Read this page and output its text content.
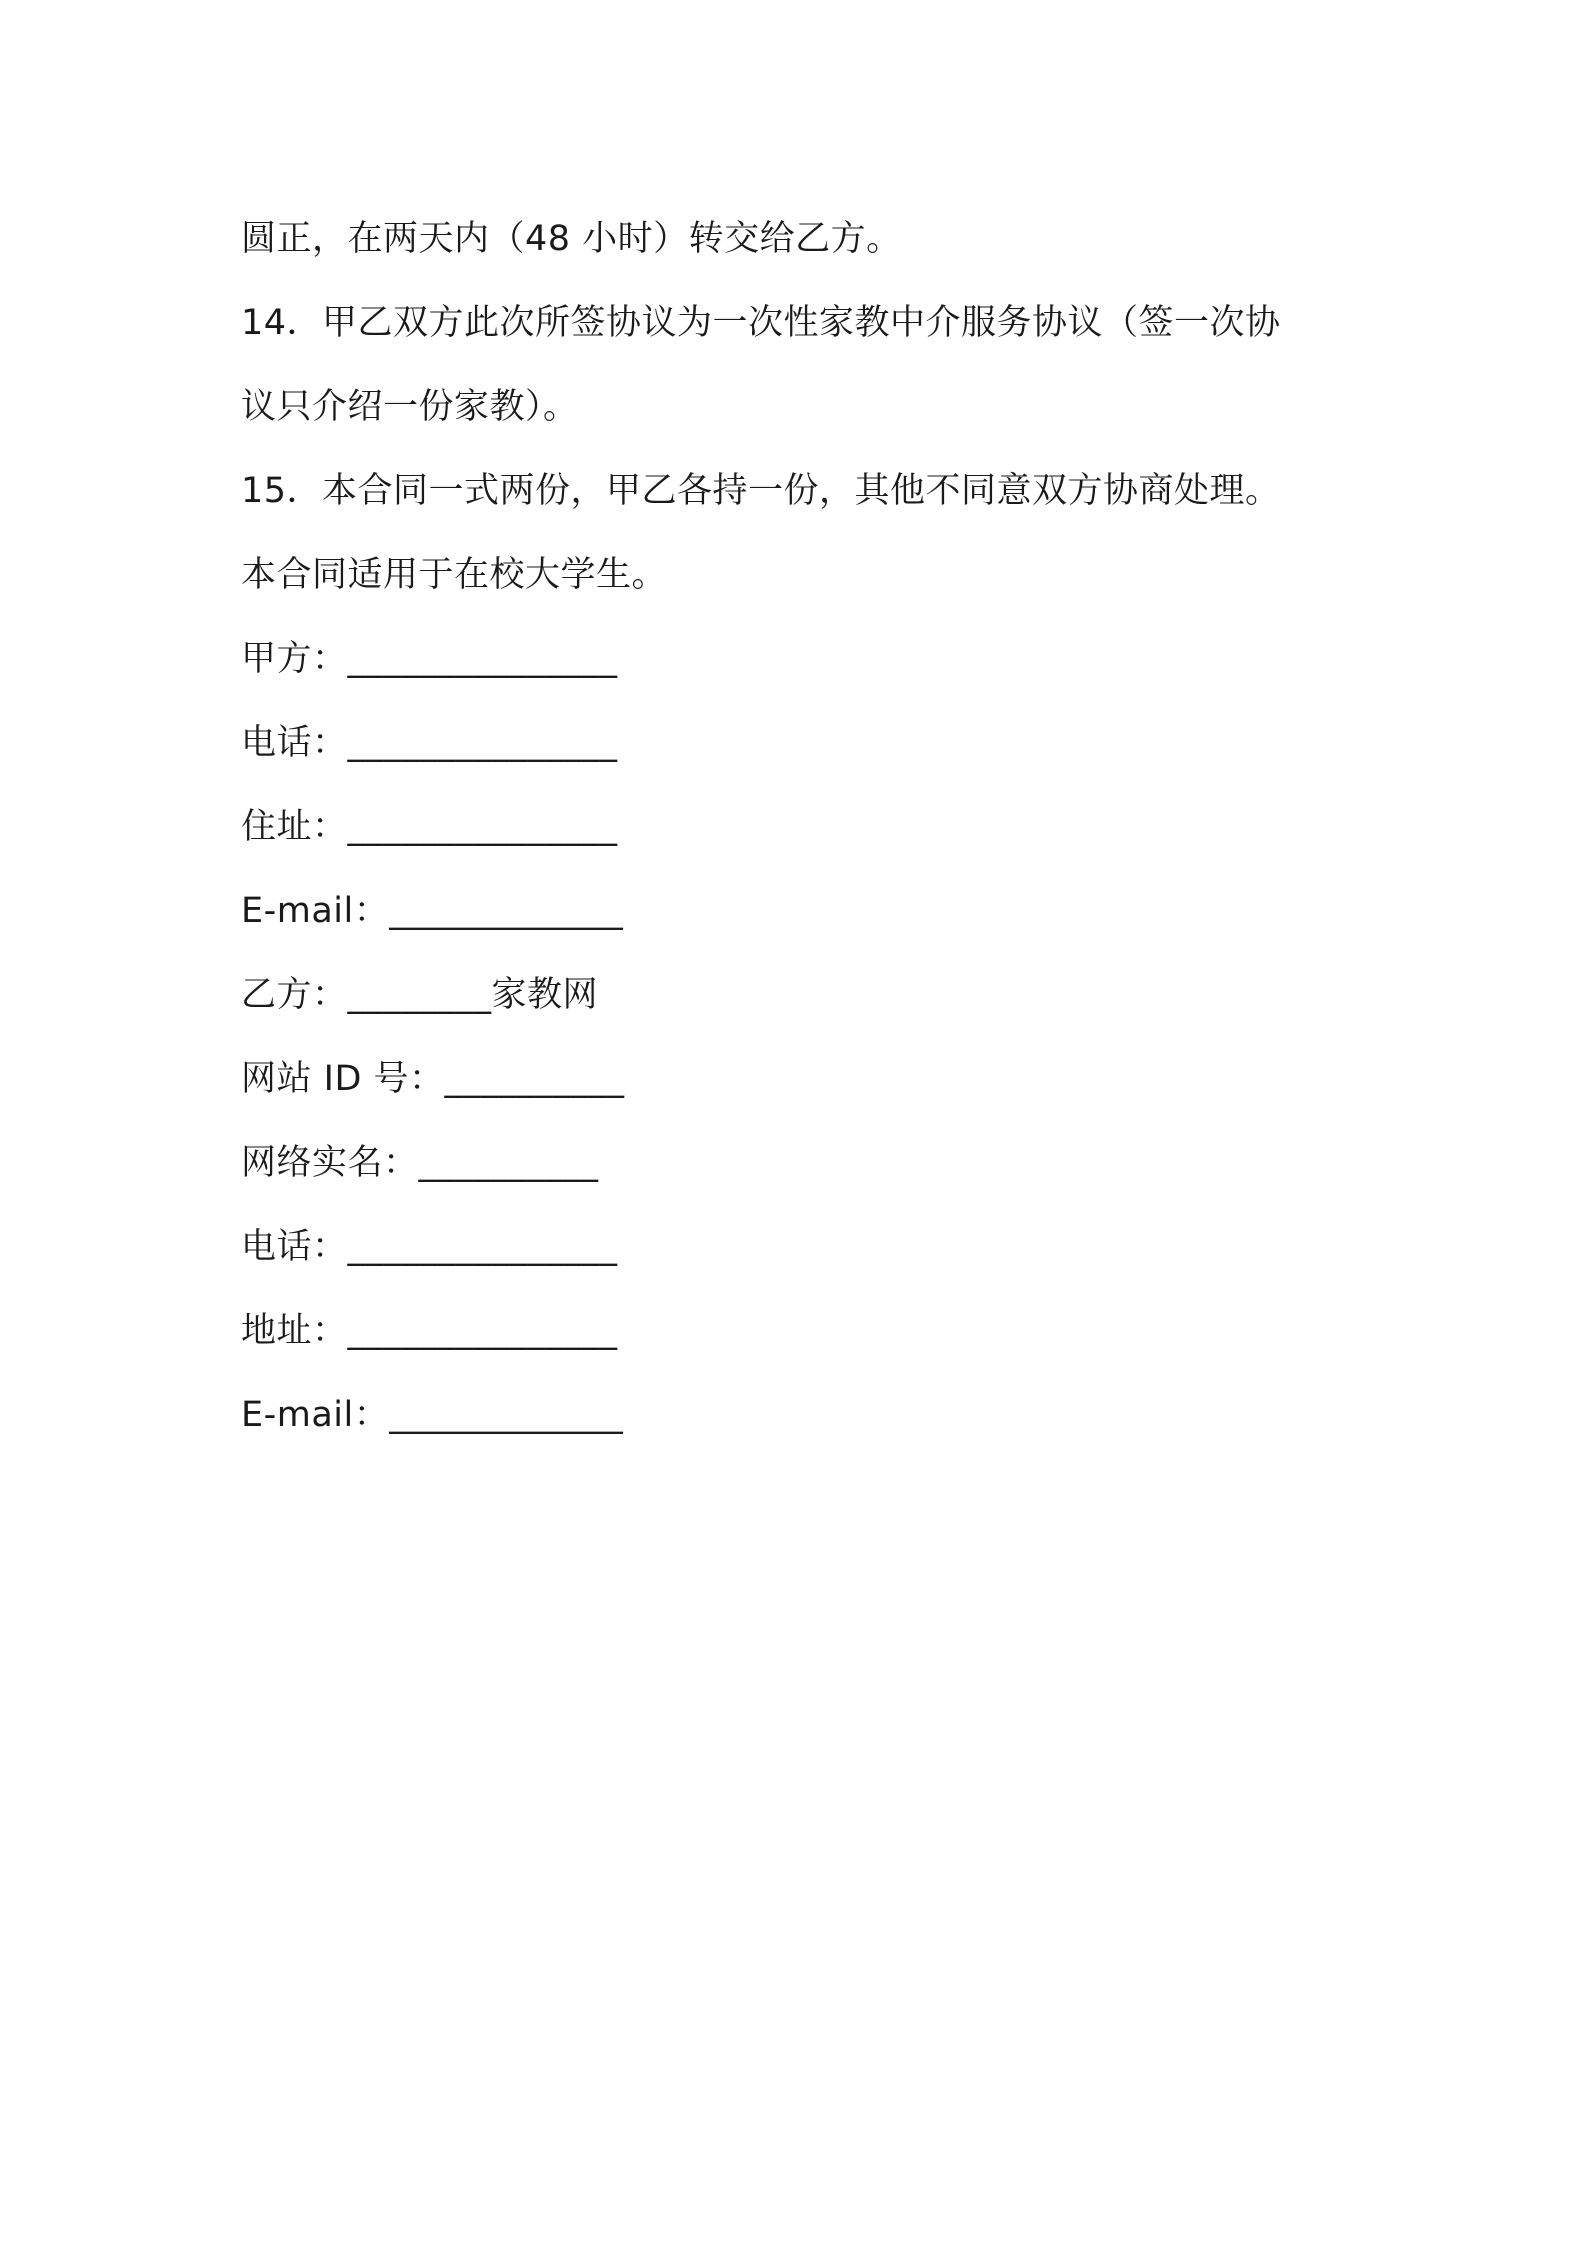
圆正，在两天内（48 小时）转交给乙方。
14．甲乙双方此次所签协议为一次性家教中介服务协议（签一次协
议只介绍一份家教）。
15．本合同一式两份，甲乙各持一份，其他不同意双方协商处理。
本合同适用于在校大学生。
甲方：_______________
电话：_______________
住址：_______________
E-mail：_____________
乙方：________家教网
网站 ID 号：__________
网络实名：__________
电话：_______________
地址：_______________
E-mail：_____________
